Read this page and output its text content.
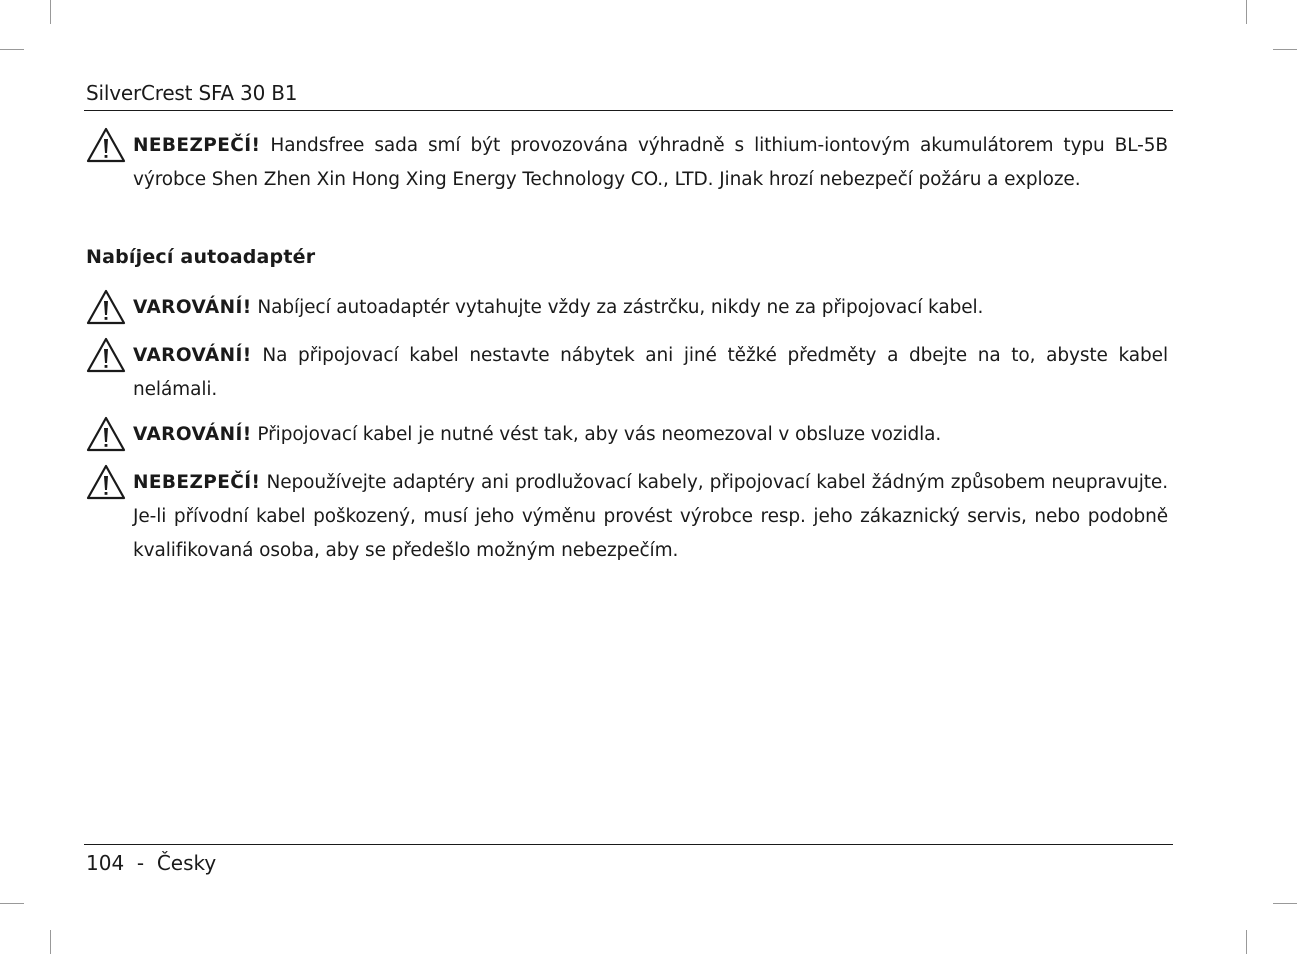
SilverCrest SFA 30 B1
NEBEZPEČÍ! Handsfree sada smí být provozována výhradně s lithium-iontovým akumulátorem typu BL-5B výrobce Shen Zhen Xin Hong Xing Energy Technology CO., LTD. Jinak hrozí nebezpečí požáru a exploze.
Nabíjecí autoadaptér
VAROVÁNÍ! Nabíjecí autoadaptér vytahujte vždy za zástrčku, nikdy ne za připojovací kabel.
VAROVÁNÍ! Na připojovací kabel nestavte nábytek ani jiné těžké předměty a dbejte na to, abyste kabel nelámali.
VAROVÁNÍ! Připojovací kabel je nutné vést tak, aby vás neomezoval v obsluze vozidla.
NEBEZPEČÍ! Nepoužívejte adaptéry ani prodlužovací kabely, připojovací kabel žádným způsobem neupravujte. Je-li přívodní kabel poškozený, musí jeho výměnu provést výrobce resp. jeho zákaznický servis, nebo podobně kvalifikovaná osoba, aby se předešlo možným nebezpečím.
104  -  Česky
